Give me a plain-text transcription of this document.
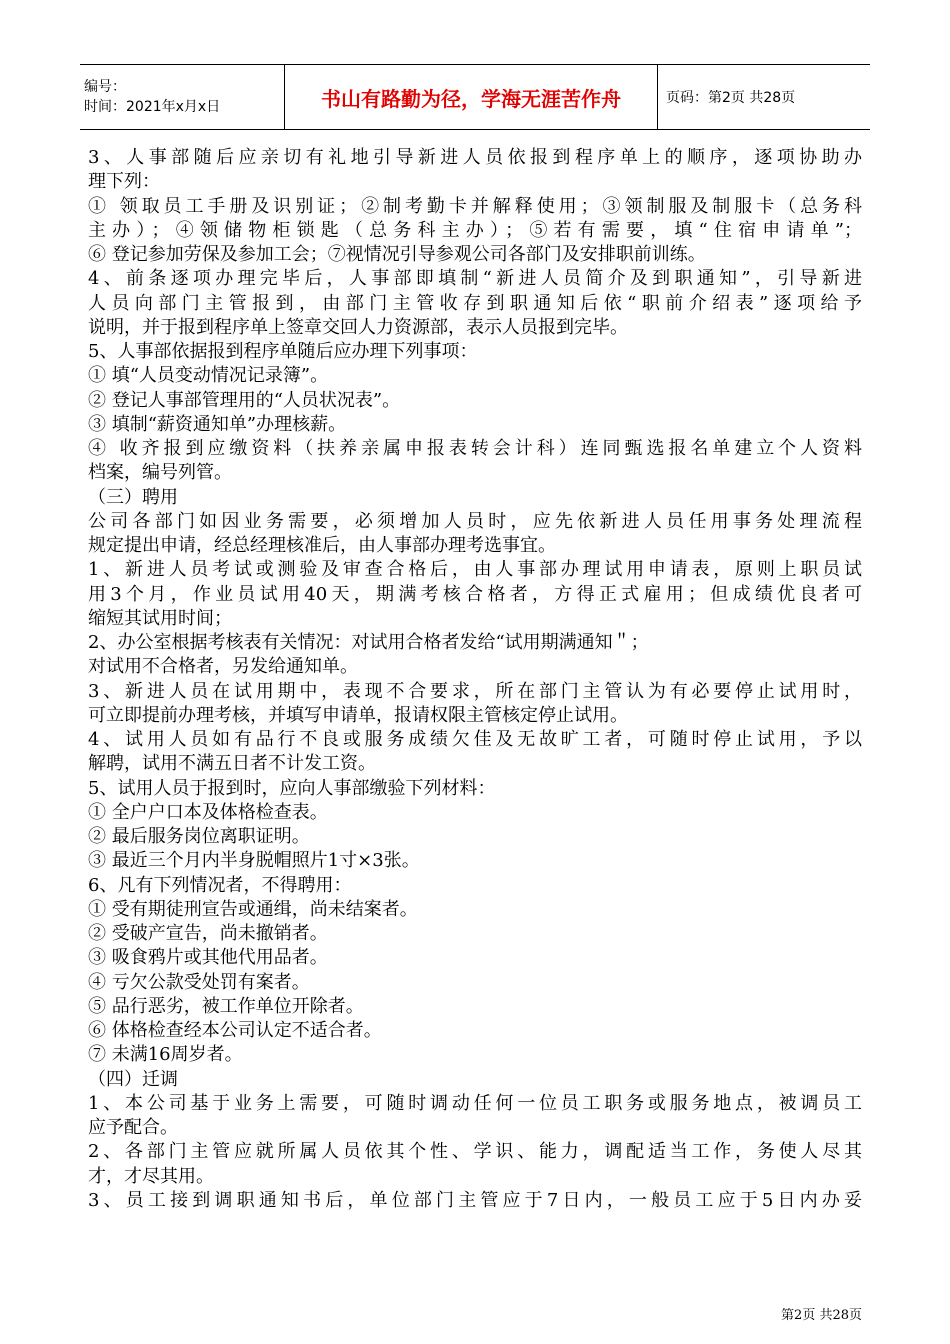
编号：
时间：2021年x月x日	书山有路勤为径，学海无涯苦作舟	页码：第2页 共28页
3、人事部随后应亲切有礼地引导新进人员依报到程序单上的顺序，逐项协助办
理下列：
① 领取员工手册及识别证；②制考勤卡并解释使用；③领制服及制服卡（总务科
主办）；④领储物柜锁匙（总务科主办）；⑤若有需要，填“住宿申请单”；
⑥ 登记参加劳保及参加工会；⑦视情况引导参观公司各部门及安排职前训练。
4、前条逐项办理完毕后，人事部即填制“新进人员简介及到职通知”，引导新进
人员向部门主管报到，由部门主管收存到职通知后依“职前介绍表”逐项给予
说明，并于报到程序单上签章交回人力资源部，表示人员报到完毕。
5、人事部依据报到程序单随后应办理下列事项：
① 填“人员变动情况记录簿”。
② 登记人事部管理用的“人员状况表”。
③ 填制“薪资通知单”办理核薪。
④ 收齐报到应缴资料（扶养亲属申报表转会计科）连同甄选报名单建立个人资料
档案，编号列管。
（三）聘用
公司各部门如因业务需要，必须增加人员时，应先依新进人员任用事务处理流程
规定提出申请，经总经理核准后，由人事部办理考选事宜。
1、新进人员考试或测验及审查合格后，由人事部办理试用申请表，原则上职员试
用3个月，作业员试用40天，期满考核合格者，方得正式雇用；但成绩优良者可
缩短其试用时间；
2、办公室根据考核表有关情况：对试用合格者发给“试用期满通知＂；
对试用不合格者，另发给通知单。
3、新进人员在试用期中，表现不合要求，所在部门主管认为有必要停止试用时，
可立即提前办理考核，并填写申请单，报请权限主管核定停止试用。
4、试用人员如有品行不良或服务成绩欠佳及无故旷工者，可随时停止试用，予以
解聘，试用不满五日者不计发工资。
5、试用人员于报到时，应向人事部缴验下列材料：
① 全户户口本及体格检查表。
② 最后服务岗位离职证明。
③ 最近三个月内半身脱帽照片1寸×3张。
6、凡有下列情况者，不得聘用：
① 受有期徒刑宣告或通缉，尚未结案者。
② 受破产宣告，尚未撤销者。
③ 吸食鸦片或其他代用品者。
④ 亏欠公款受处罚有案者。
⑤ 品行恶劣，被工作单位开除者。
⑥ 体格检查经本公司认定不适合者。
⑦ 未满16周岁者。
（四）迁调
1、本公司基于业务上需要，可随时调动任何一位员工职务或服务地点，被调员工
应予配合。
2、各部门主管应就所属人员依其个性、学识、能力，调配适当工作，务使人尽其
才，才尽其用。
3、员工接到调职通知书后，单位部门主管应于7日内，一般员工应于5日内办妥
第2页 共28页
